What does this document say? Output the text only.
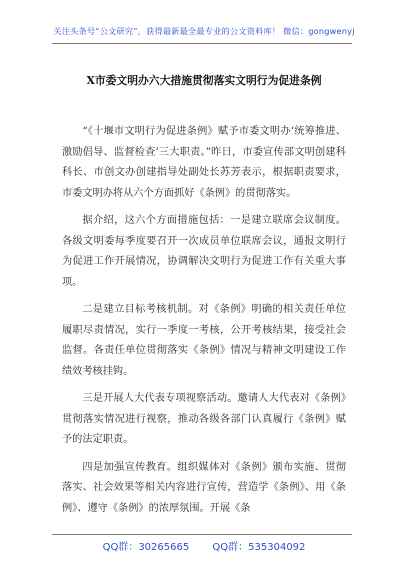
关注头条号“公文研究”，获得最新最全最专业的公文资料库！ 微信：gongwenyj
X市委文明办六大措施贯彻落实文明行为促进条例

“《十堰市文明行为促进条例》赋予市委文明办‘统筹推进、激励倡导、监督检查’三大职责。”昨日，市委宣传部文明创建科科长、市创文办创建指导处副处长苏芳表示，根据职责要求，市委文明办将从六个方面抓好《条例》的贯彻落实。

据介绍，这六个方面措施包括：一是建立联席会议制度。各级文明委每季度要召开一次成员单位联席会议，通报文明行为促进工作开展情况，协调解决文明行为促进工作有关重大事项。

二是建立目标考核机制。对《条例》明确的相关责任单位履职尽责情况，实行一季度一考核，公开考核结果，接受社会监督。各责任单位贯彻落实《条例》情况与精神文明建设工作绩效考核挂钩。

三是开展人大代表专项视察活动。邀请人大代表对《条例》贯彻落实情况进行视察，推动各级各部门认真履行《条例》赋予的法定职责。

四是加强宣传教育。组织媒体对《条例》颁布实施、贯彻落实、社会效果等相关内容进行宣传，营造学《条例》、用《条例》、遵守《条例》的浓厚氛围。开展《条

QQ群：30265665 QQ群：535304092
